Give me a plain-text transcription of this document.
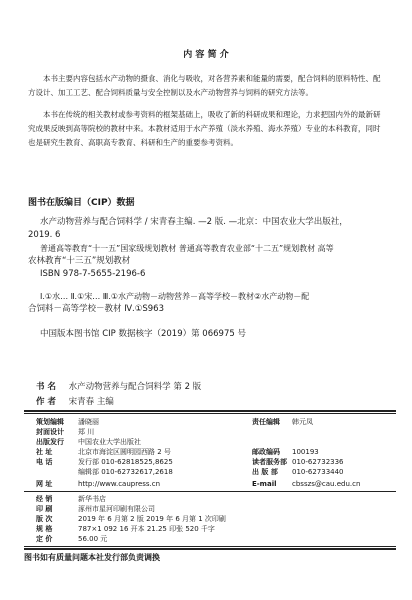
内 容 简 介
本书主要内容包括水产动物的摄食、消化与吸收，对各营养素和能量的需要，配合饲料的原料特性、配方设计、加工工艺、配合饲料质量与安全控制以及水产动物营养与饲料的研究方法等。
本书在传统的相关教材或参考资料的框架基础上，吸收了新的科研成果和理论，力求把国内外的最新研究成果反映到高等院校的教材中来。本教材适用于水产养殖（淡水养殖、海水养殖）专业的本科教育，同时也是研究生教育、高职高专教育、科研和生产的重要参考资料。
图书在版编目（CIP）数据
水产动物营养与配合饲料学 / 宋青春主编. —2 版. —北京：中国农业大学出版社，
2019. 6
普通高等教育“十一五”国家级规划教材 普通高等教育农业部“十二五”规划教材 高等
农林教育“十三五”规划教材
ISBN 978-7-5655-2196-6
Ⅰ.①水… Ⅱ.①宋… Ⅲ.①水产动物－动物营养－高等学校－教材②水产动物－配
合饲料－高等学校－教材 Ⅳ.①S963
中国版本图书馆 CIP 数据核字（2019）第 066975 号
书 名 水产动物营养与配合饲料学 第 2 版
作 者 宋青春 主编
策划编辑 潘晓丽
封面设计 郑 川
出版发行 中国农业大学出版社
社 址	北京市海淀区圆明园西路 2 号
电 话	发行部 010-62818525,8625
编辑部 010-62732617,2618
网 址	http://www.caupress.cn
责任编辑 韩元凤
邮政编码 100193
读者服务部 010-62732336
出 版 部 010-62733440
E-mail cbsszs@cau.edu.cn
经 销	新华书店
印 刷	涿州市星河印刷有限公司
版 次	2019 年 6 月第 2 版 2019 年 6 月第 1 次印刷
规 格	787×1 092 16 开本 21.25 印张 520 千字
定 价	56.00 元
图书如有质量问题本社发行部负责调换
